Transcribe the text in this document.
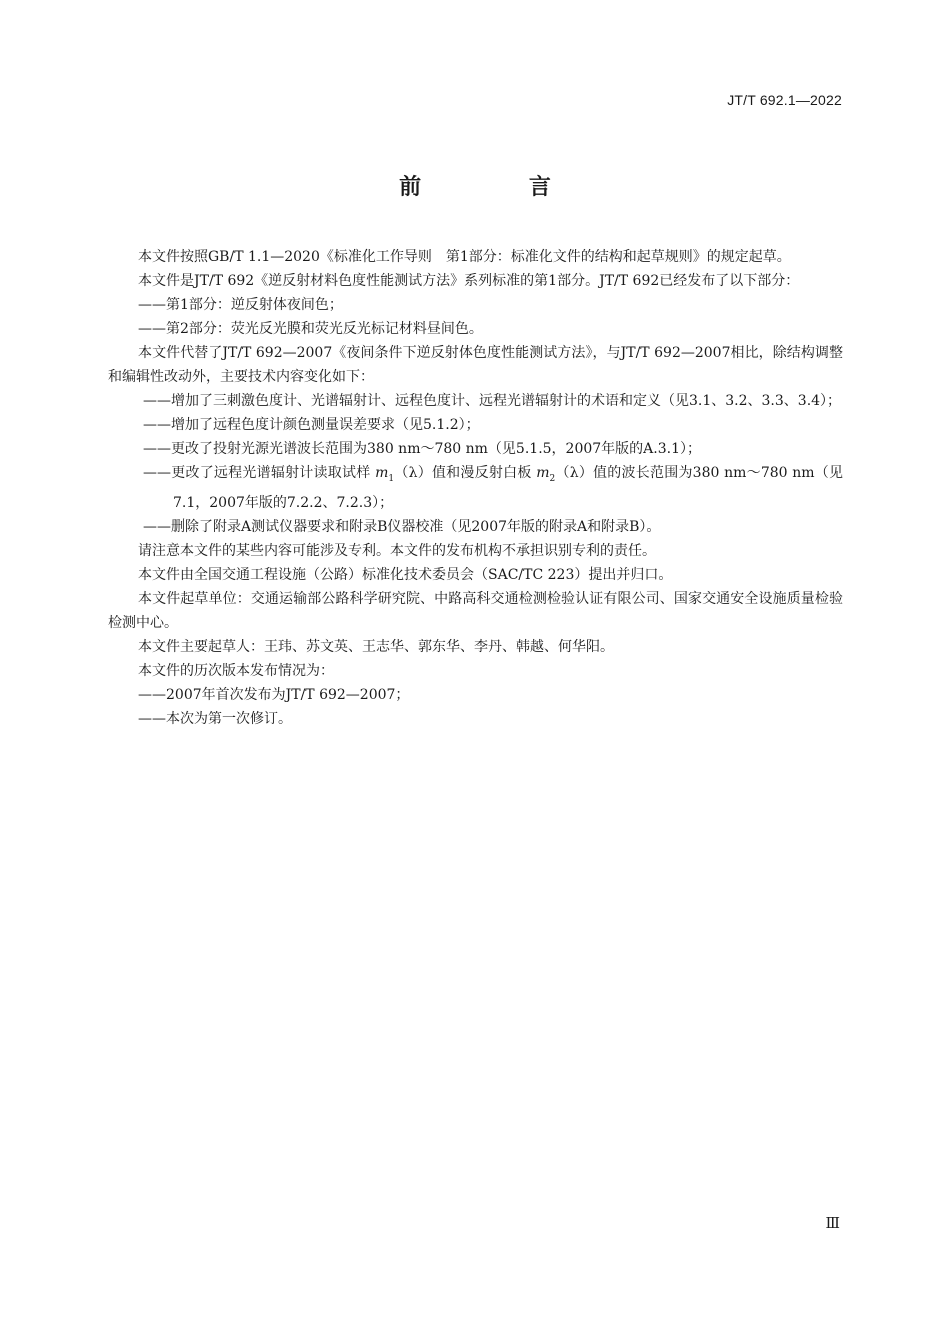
JT/T 692.1—2022
前 言

本文件按照GB/T 1.1—2020《标准化工作导则　第1部分：标准化文件的结构和起草规则》的规定起草。

本文件是JT/T 692《逆反射材料色度性能测试方法》系列标准的第1部分。JT/T 692已经发布了以下部分：

——第1部分：逆反射体夜间色；

——第2部分：荧光反光膜和荧光反光标记材料昼间色。

本文件代替了JT/T 692—2007《夜间条件下逆反射体色度性能测试方法》，与JT/T 692—2007相比，除结构调整和编辑性改动外，主要技术内容变化如下：

——增加了三刺激色度计、光谱辐射计、远程色度计、远程光谱辐射计的术语和定义（见3.1、3.2、3.3、3.4）；

——增加了远程色度计颜色测量误差要求（见5.1.2）；

——更改了投射光源光谱波长范围为380 nm～780 nm（见5.1.5，2007年版的A.3.1）；

——更改了远程光谱辐射计读取试样 $m_1(\lambda)$值和漫反射白板 $m_2(\lambda)$值的波长范围为380 nm～780 nm（见7.1，2007年版的7.2.2、7.2.3）；

——删除了附录A测试仪器要求和附录B仪器校准（见2007年版的附录A和附录B）。

请注意本文件的某些内容可能涉及专利。本文件的发布机构不承担识别专利的责任。

本文件由全国交通工程设施（公路）标准化技术委员会（SAC/TC 223）提出并归口。

本文件起草单位：交通运输部公路科学研究院、中路高科交通检测检验认证有限公司、国家交通安全设施质量检验检测中心。

本文件主要起草人：王玮、苏文英、王志华、郭东华、李丹、韩越、何华阳。

本文件的历次版本发布情况为：

——2007年首次发布为JT/T 692—2007；

——本次为第一次修订。

Ⅲ
